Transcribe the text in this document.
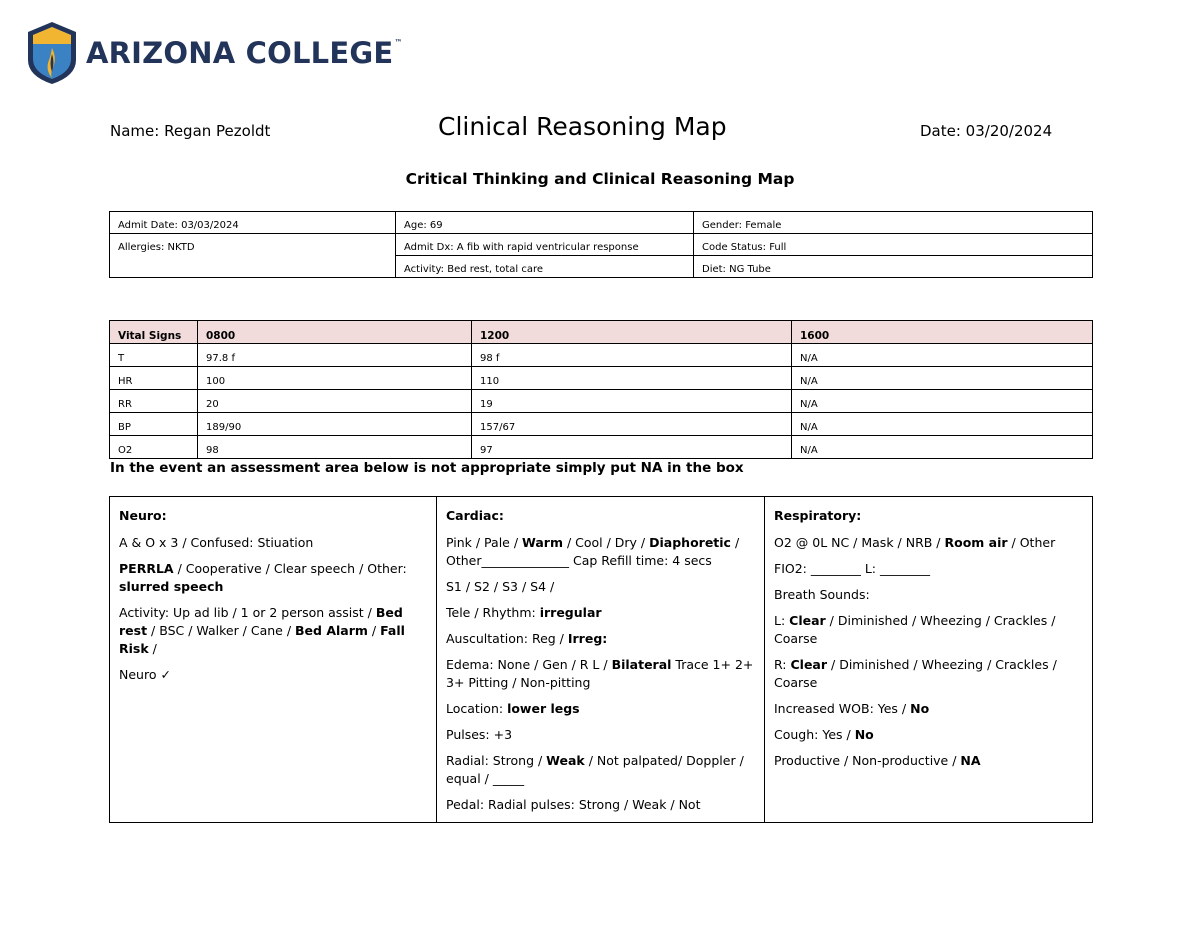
ARIZONA COLLEGE™
Name: Regan Pezoldt	Clinical Reasoning Map	Date: 03/20/2024
Critical Thinking and Clinical Reasoning Map
Admit Date: 03/03/2024	Age: 69	Gender: Female
Allergies: NKTD	Admit Dx: A fib with rapid ventricular response	Code Status: Full
	Activity: Bed rest, total care	Diet: NG Tube
Vital Signs	0800	1200	1600
T	97.8 f	98 f	N/A
HR	100	110	N/A
RR	20	19	N/A
BP	189/90	157/67	N/A
O2	98	97	N/A
In the event an assessment area below is not appropriate simply put NA in the box

Neuro:

A & O x 3 / Confused: Stiuation

PERRLA / Cooperative / Clear speech / Other: slurred speech

Activity: Up ad lib / 1 or 2 person assist / Bed rest / BSC / Walker / Cane / Bed Alarm / Fall Risk /

Neuro ✓

Cardiac:

Pink / Pale / Warm / Cool / Dry / Diaphoretic / Other______________ Cap Refill time: 4 secs

S1 / S2 / S3 / S4 /

Tele / Rhythm: irregular

Auscultation: Reg / Irreg:

Edema: None / Gen / R L / Bilateral Trace 1+ 2+ 3+ Pitting / Non-pitting

Location: lower legs

Pulses: +3

Radial: Strong / Weak / Not palpated/ Doppler / equal / _____

Pedal: Radial pulses: Strong / Weak / Not

Respiratory:

O2 @ 0L NC / Mask / NRB / Room air / Other

FIO2: ________ L: ________

Breath Sounds:

L: Clear / Diminished / Wheezing / Crackles / Coarse

R: Clear / Diminished / Wheezing / Crackles / Coarse

Increased WOB: Yes / No

Cough: Yes / No

Productive / Non-productive / NA
